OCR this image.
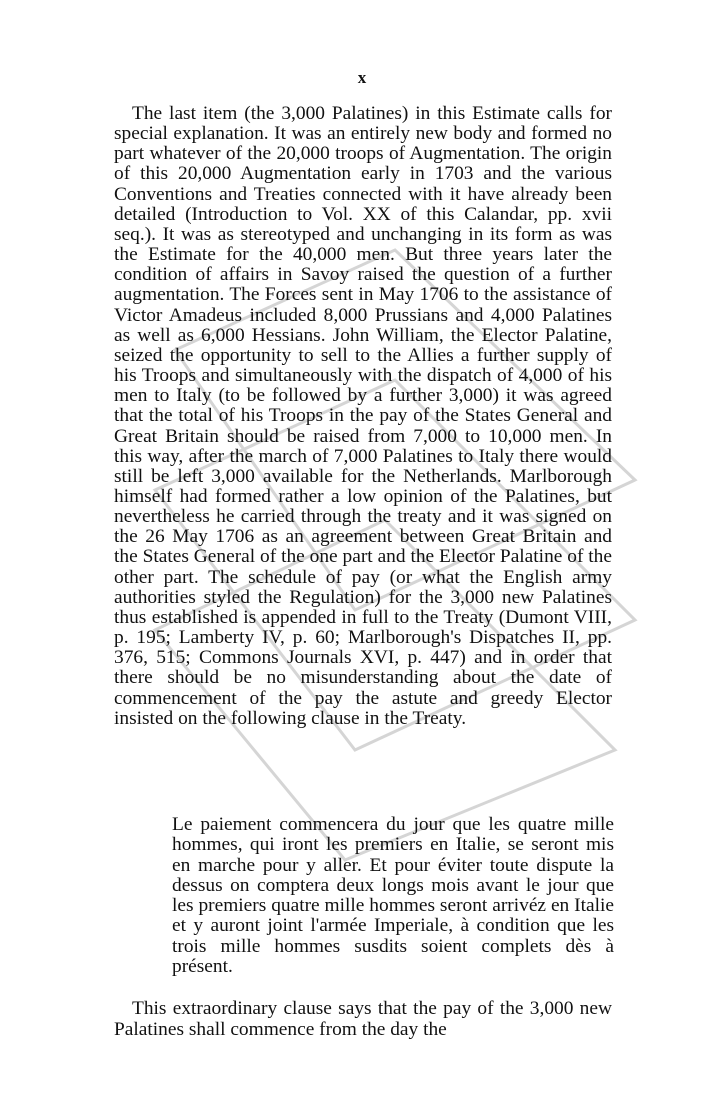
x

The last item (the 3,000 Palatines) in this Estimate calls for special explanation. It was an entirely new body and formed no part whatever of the 20,000 troops of Augmentation. The origin of this 20,000 Augmentation early in 1703 and the various Conventions and Treaties connected with it have already been detailed (Introduction to Vol. XX of this Calandar, pp. xvii seq.). It was as stereotyped and unchanging in its form as was the Estimate for the 40,000 men. But three years later the condition of affairs in Savoy raised the question of a further augmentation. The Forces sent in May 1706 to the assistance of Victor Amadeus included 8,000 Prussians and 4,000 Palatines as well as 6,000 Hessians. John William, the Elector Palatine, seized the opportunity to sell to the Allies a further supply of his Troops and simultaneously with the dispatch of 4,000 of his men to Italy (to be followed by a further 3,000) it was agreed that the total of his Troops in the pay of the States General and Great Britain should be raised from 7,000 to 10,000 men. In this way, after the march of 7,000 Palatines to Italy there would still be left 3,000 available for the Netherlands. Marlborough himself had formed rather a low opinion of the Palatines, but nevertheless he carried through the treaty and it was signed on the 26 May 1706 as an agreement between Great Britain and the States General of the one part and the Elector Palatine of the other part. The schedule of pay (or what the English army authorities styled the Regulation) for the 3,000 new Palatines thus established is appended in full to the Treaty (Dumont VIII, p. 195; Lamberty IV, p. 60; Marlborough's Dispatches II, pp. 376, 515; Commons Journals XVI, p. 447) and in order that there should be no misunderstanding about the date of commencement of the pay the astute and greedy Elector insisted on the following clause in the Treaty.

Le paiement commencera du jour que les quatre mille hommes, qui iront les premiers en Italie, se seront mis en marche pour y aller. Et pour éviter toute dispute la dessus on comptera deux longs mois avant le jour que les premiers quatre mille hommes seront arrivéz en Italie et y auront joint l'armée Imperiale, à condition que les trois mille hommes susdits soient complets dès à présent.

This extraordinary clause says that the pay of the 3,000 new Palatines shall commence from the day the
